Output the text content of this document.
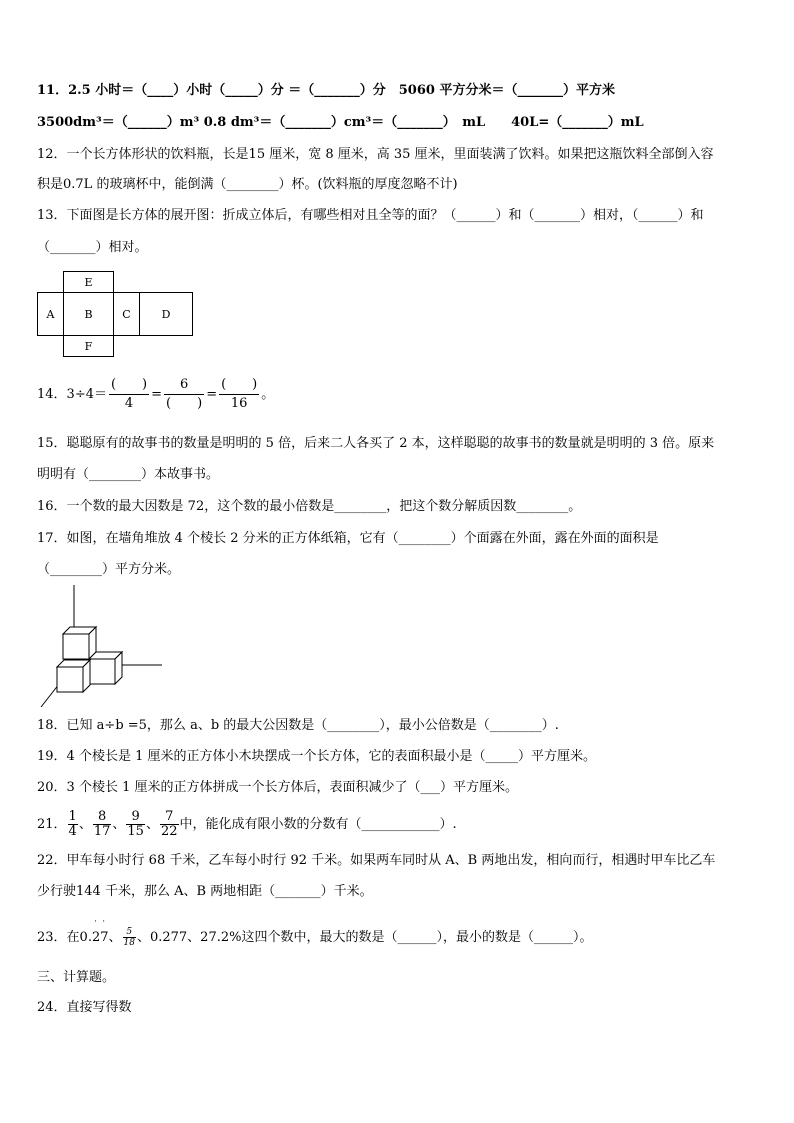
11．2.5 小时＝（____）小时（_____）分 ＝（_______）分　5060 平方分米＝（_______）平方米
3500dm³＝（______）m³ 0.8 dm³＝（_______）cm³＝（_______）　mL　　40L=（_______）mL
12．一个长方体形状的饮料瓶，长是15 厘米，宽 8 厘米，高 35 厘米，里面装满了饮料。如果把这瓶饮料全部倒入容
积是0.7L 的玻璃杯中，能倒满（________）杯。(饮料瓶的厚度忽略不计)
13．下面图是长方体的展开图：折成立体后，有哪些相对且全等的面？（______）和（_______）相对，（______）和
（_______）相对。
E
A	B	C	D
F
14．$3\div 4= \frac{( )}{4} = \frac{6}{( )} = \frac{( )}{16}$ 。
15．聪聪原有的故事书的数量是明明的 5 倍，后来二人各买了 2 本，这样聪聪的故事书的数量就是明明的 3 倍。原来
明明有（________）本故事书。
16．一个数的最大因数是 72，这个数的最小倍数是________，把这个数分解质因数________。
17．如图，在墙角堆放 4 个棱长 2 分米的正方体纸箱，它有（________）个面露在外面，露在外面的面积是
（________）平方分米。
18．已知 a÷b =5，那么 a、b 的最大公因数是（________），最小公倍数是（________）.
19．4 个棱长是 1 厘米的正方体小木块摆成一个长方体，它的表面积最小是（_____）平方厘米。
20．3 个棱长 1 厘米的正方体拼成一个长方体后，表面积减少了（___）平方厘米。
21． $\frac{1}{4}$ 、 $\frac{8}{17}$ 、 $\frac{9}{15}$ 、 $\frac{7}{22}$ 中，能化成有限小数的分数有（____________）.
22．甲车每小时行 68 千米，乙车每小时行 92 千米。如果两车同时从 A、B 两地出发，相向而行，相遇时甲车比乙车
少行驶144 千米，那么 A、B 两地相距（_______）千米。
23．在0.
˙ ˙
27、 $\frac{5}{18}$ 、0.277、27.2%这四个数中，最大的数是（______），最小的数是（______）。
三、计算题。
24．直接写得数
